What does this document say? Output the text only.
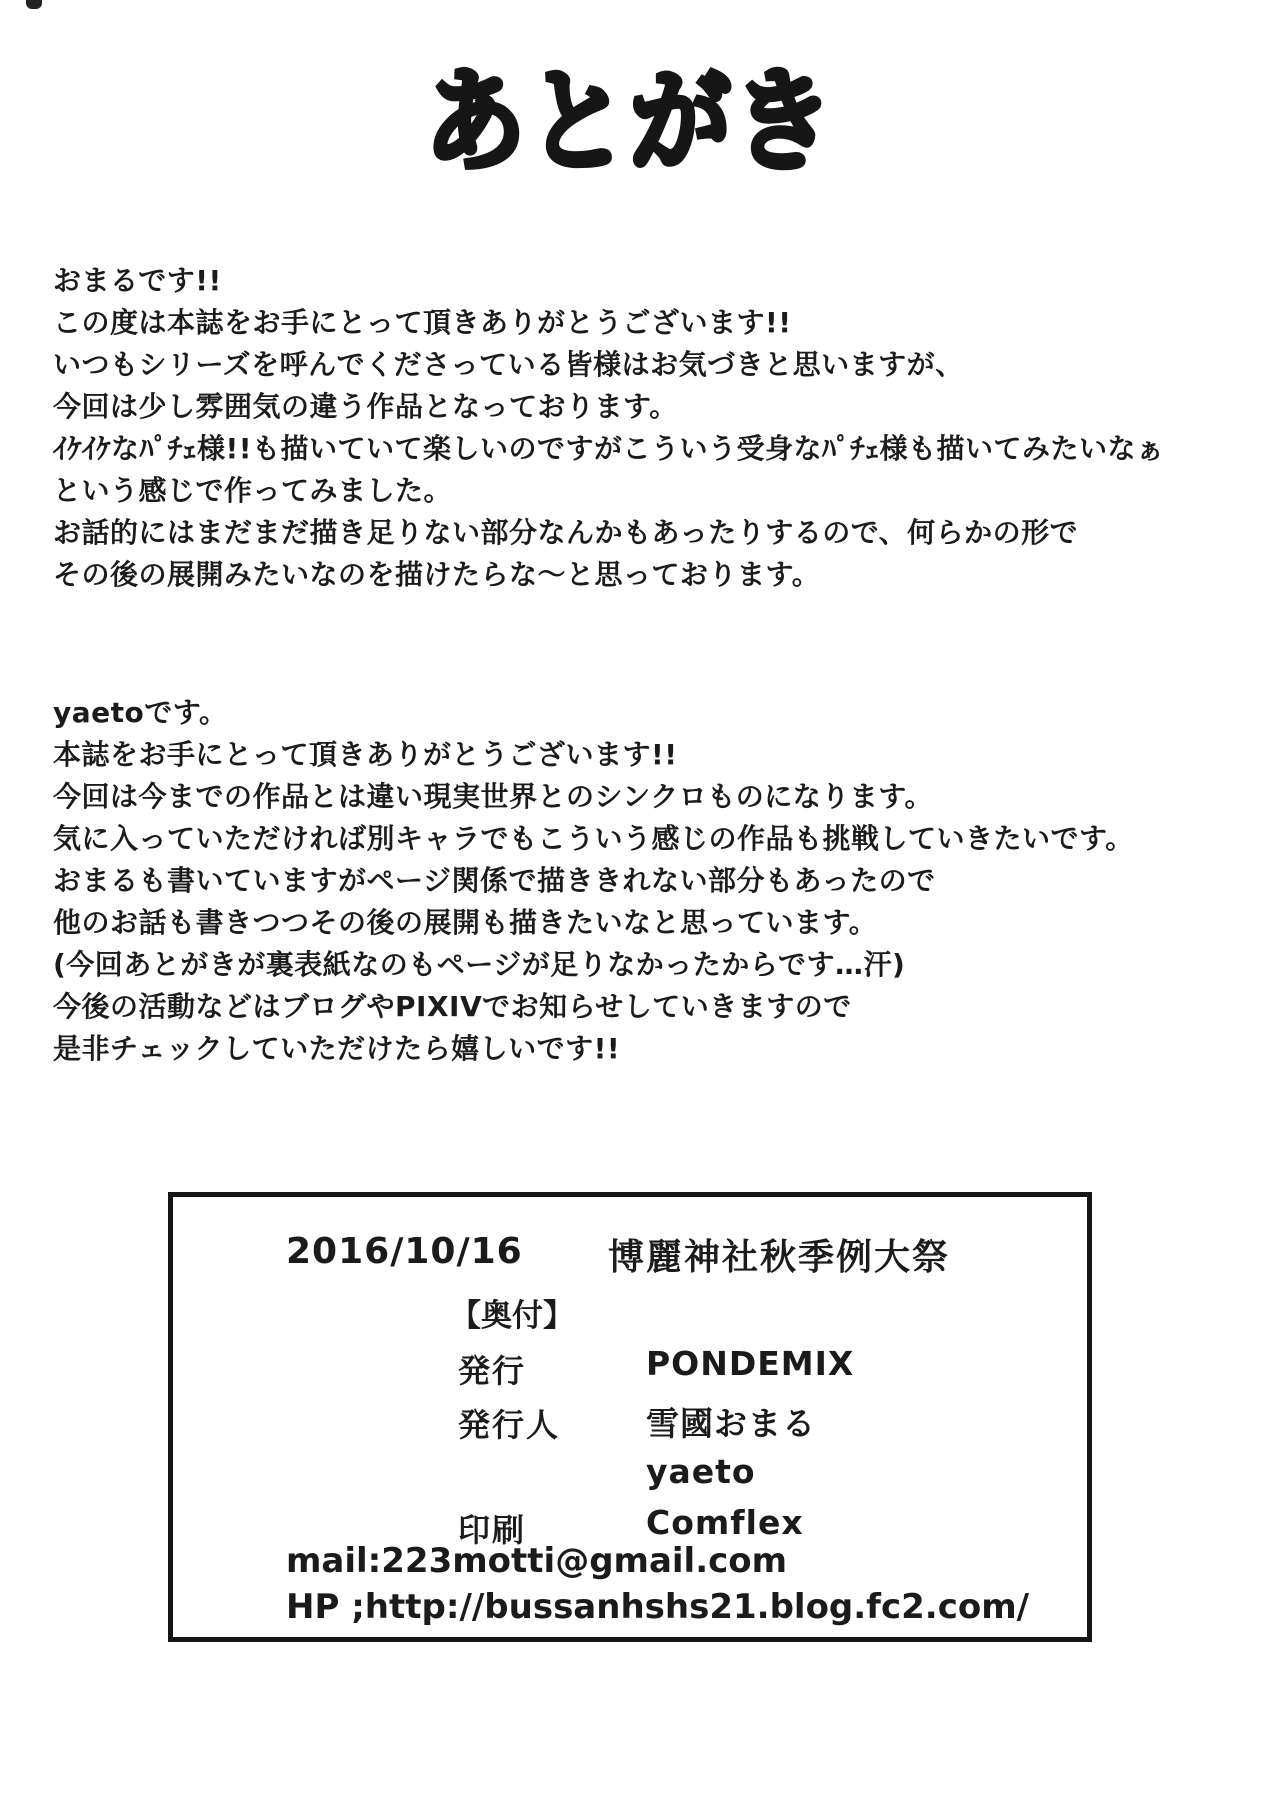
あとがき
おまるです!!
この度は本誌をお手にとって頂きありがとうございます!!
いつもシリーズを呼んでくださっている皆様はお気づきと思いますが、
今回は少し雰囲気の違う作品となっております。
ｲｹｲｹなﾊﾟﾁｪ様!!も描いていて楽しいのですがこういう受身なﾊﾟﾁｪ様も描いてみたいなぁ
という感じで作ってみました。
お話的にはまだまだ描き足りない部分なんかもあったりするので、何らかの形で
その後の展開みたいなのを描けたらな〜と思っております。
yaetoです。
本誌をお手にとって頂きありがとうございます!!
今回は今までの作品とは違い現実世界とのシンクロものになります。
気に入っていただければ別キャラでもこういう感じの作品も挑戦していきたいです。
おまるも書いていますがページ関係で描ききれない部分もあったので
他のお話も書きつつその後の展開も描きたいなと思っています。
(今回あとがきが裏表紙なのもページが足りなかったからです…汗)
今後の活動などはブログやPIXIVでお知らせしていきますので
是非チェックしていただけたら嬉しいです!!
2016/10/16 博麗神社秋季例大祭
【奥付】
発行	PONDEMIX
発行人	雪國おまる
yaeto
印刷	Comflex
mail:223motti@gmail.com
HP ;http://bussanhshs21.blog.fc2.com/
